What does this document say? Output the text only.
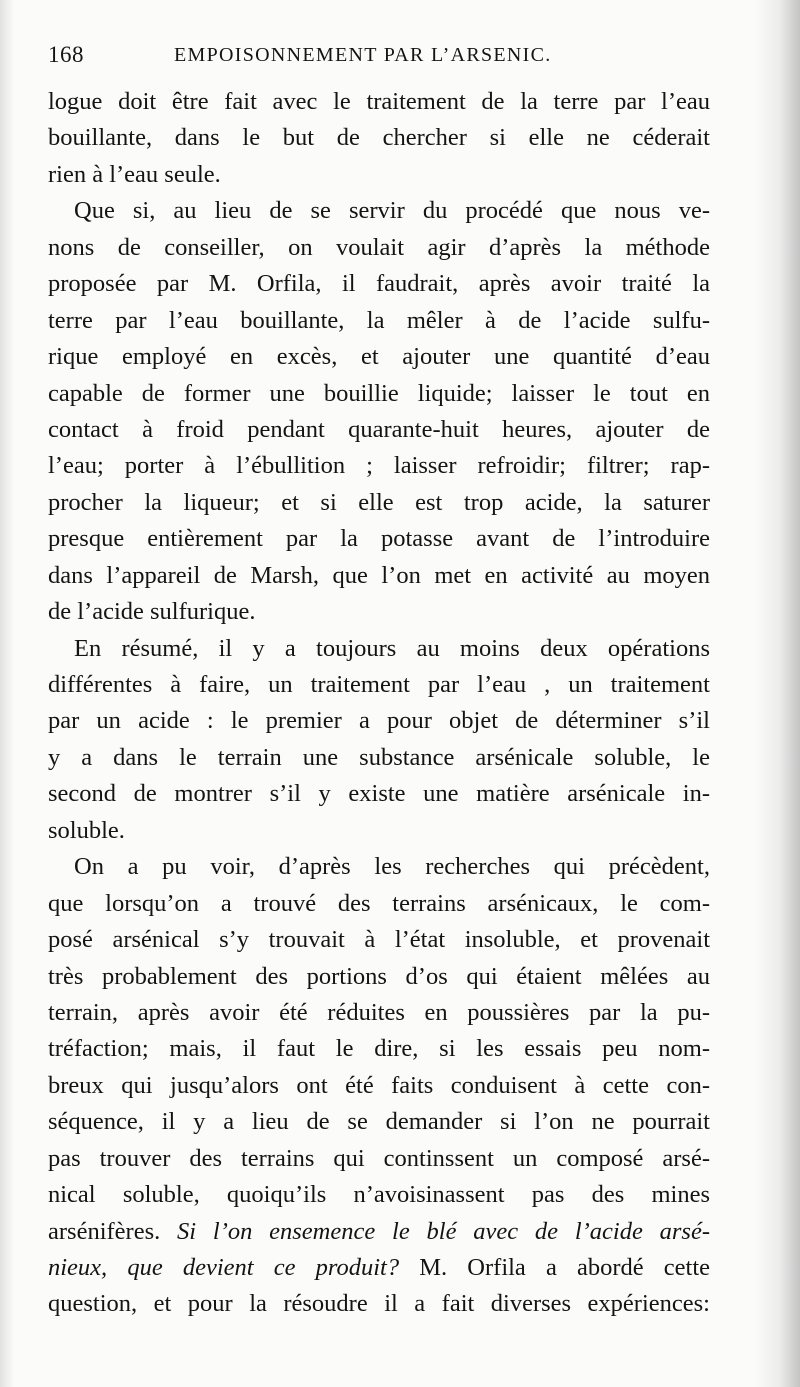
168	EMPOISONNEMENT PAR L’ARSENIC.
logue doit être fait avec le traitement de la terre par l’eau
bouillante, dans le but de chercher si elle ne céderait
rien à l’eau seule.
Que si, au lieu de se servir du procédé que nous ve-
nons de conseiller, on voulait agir d’après la méthode
proposée par M. Orfila, il faudrait, après avoir traité la
terre par l’eau bouillante, la mêler à de l’acide sulfu-
rique employé en excès, et ajouter une quantité d’eau
capable de former une bouillie liquide; laisser le tout en
contact à froid pendant quarante-huit heures, ajouter de
l’eau; porter à l’ébullition ; laisser refroidir; filtrer; rap-
procher la liqueur; et si elle est trop acide, la saturer
presque entièrement par la potasse avant de l’introduire
dans l’appareil de Marsh, que l’on met en activité au moyen
de l’acide sulfurique.
En résumé, il y a toujours au moins deux opérations
différentes à faire, un traitement par l’eau , un traitement
par un acide : le premier a pour objet de déterminer s’il
y a dans le terrain une substance arsénicale soluble, le
second de montrer s’il y existe une matière arsénicale in-
soluble.
On a pu voir, d’après les recherches qui précèdent,
que lorsqu’on a trouvé des terrains arsénicaux, le com-
posé arsénical s’y trouvait à l’état insoluble, et provenait
très probablement des portions d’os qui étaient mêlées au
terrain, après avoir été réduites en poussières par la pu-
tréfaction; mais, il faut le dire, si les essais peu nom-
breux qui jusqu’alors ont été faits conduisent à cette con-
séquence, il y a lieu de se demander si l’on ne pourrait
pas trouver des terrains qui continssent un composé arsé-
nical soluble, quoiqu’ils n’avoisinassent pas des mines
arsénifères. Si l’on ensemence le blé avec de l’acide arsé-
nieux, que devient ce produit? M. Orfila a abordé cette
question, et pour la résoudre il a fait diverses expériences:
